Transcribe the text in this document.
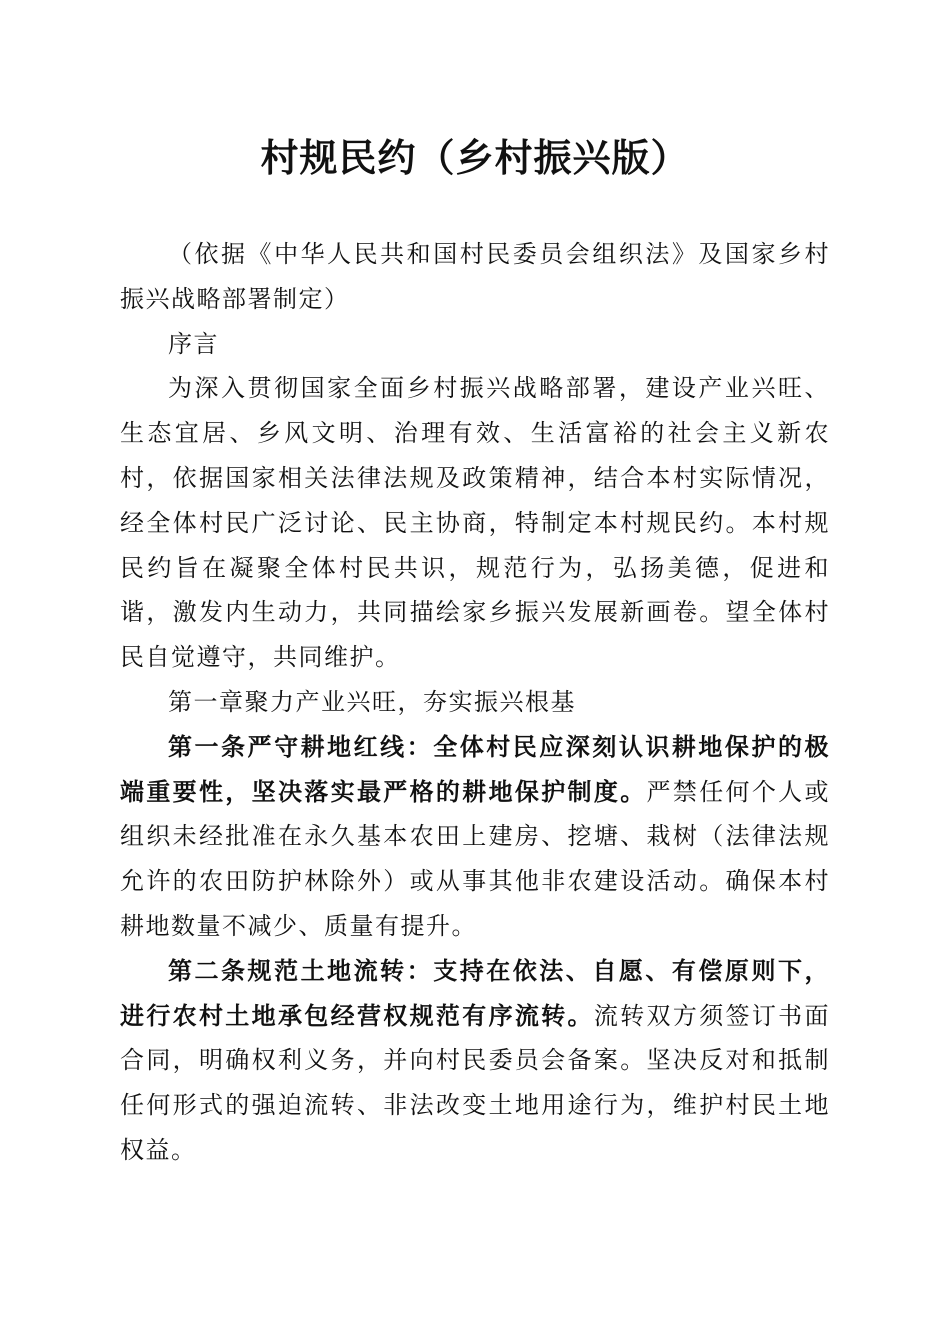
村规民约（乡村振兴版）

（依据《中华人民共和国村民委员会组织法》及国家乡村振兴战略部署制定）

序言

为深入贯彻国家全面乡村振兴战略部署，建设产业兴旺、生态宜居、乡风文明、治理有效、生活富裕的社会主义新农村，依据国家相关法律法规及政策精神，结合本村实际情况，经全体村民广泛讨论、民主协商，特制定本村规民约。本村规民约旨在凝聚全体村民共识，规范行为，弘扬美德，促进和谐，激发内生动力，共同描绘家乡振兴发展新画卷。望全体村民自觉遵守，共同维护。

第一章聚力产业兴旺，夯实振兴根基

第一条严守耕地红线：全体村民应深刻认识耕地保护的极端重要性，坚决落实最严格的耕地保护制度。严禁任何个人或组织未经批准在永久基本农田上建房、挖塘、栽树（法律法规允许的农田防护林除外）或从事其他非农建设活动。确保本村耕地数量不减少、质量有提升。

第二条规范土地流转：支持在依法、自愿、有偿原则下，进行农村土地承包经营权规范有序流转。流转双方须签订书面合同，明确权利义务，并向村民委员会备案。坚决反对和抵制任何形式的强迫流转、非法改变土地用途行为，维护村民土地权益。
